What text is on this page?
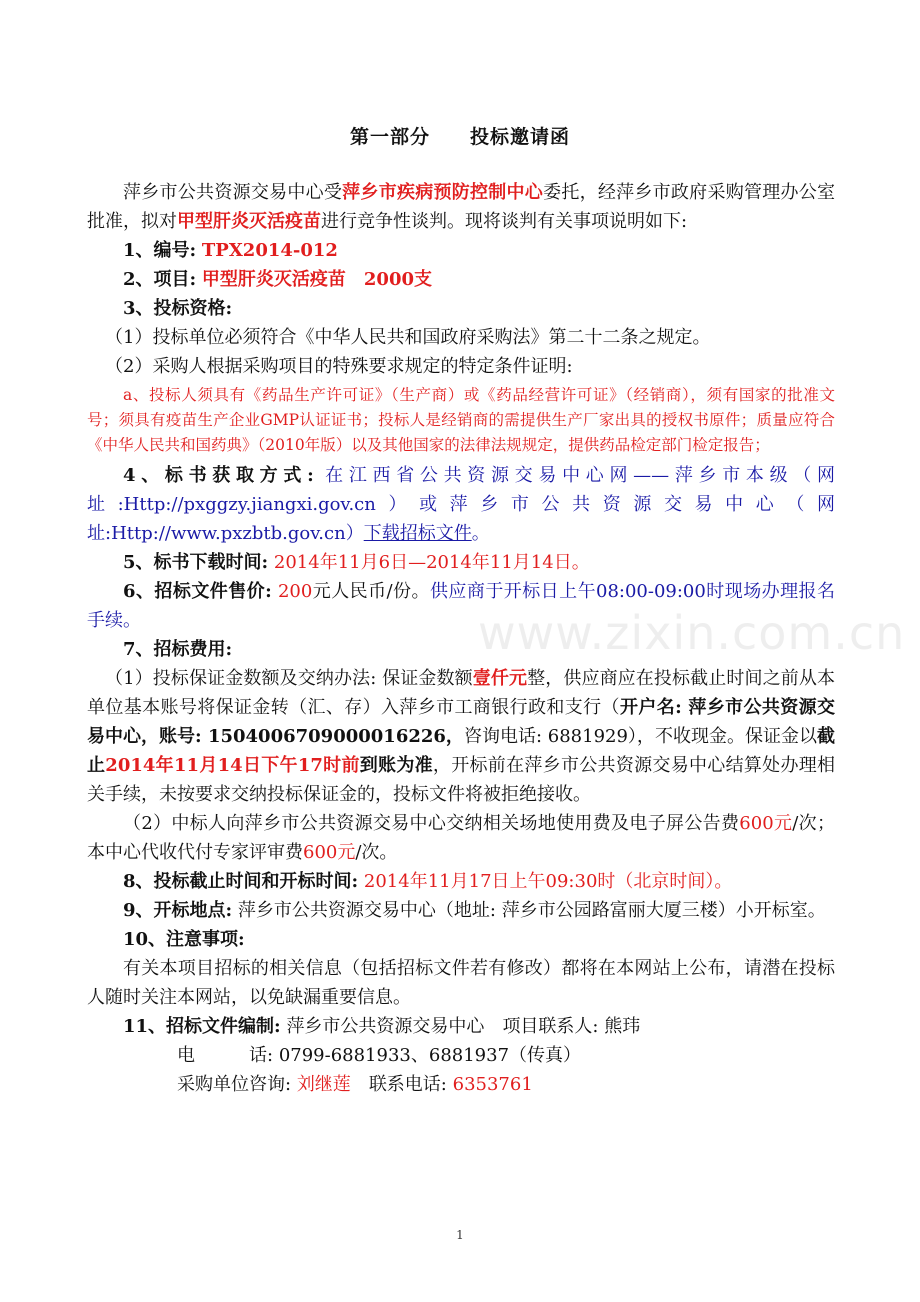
第一部分 投标邀请函

萍乡市公共资源交易中心受萍乡市疾病预防控制中心委托，经萍乡市政府采购管理办公室批准，拟对甲型肝炎灭活疫苗进行竞争性谈判。现将谈判有关事项说明如下:

1、编号: TPX2014-012

2、项目: 甲型肝炎灭活疫苗　2000支

3、投标资格:

（1）投标单位必须符合《中华人民共和国政府采购法》第二十二条之规定。

（2）采购人根据采购项目的特殊要求规定的特定条件证明:

a、投标人须具有《药品生产许可证》（生产商）或《药品经营许可证》（经销商），须有国家的批准文号；须具有疫苗生产企业GMP认证证书；投标人是经销商的需提供生产厂家出具的授权书原件；质量应符合《中华人民共和国药典》（2010年版）以及其他国家的法律法规规定，提供药品检定部门检定报告；

4、标书获取方式: 在江西省公共资源交易中心网——萍乡市本级（网址:Http://pxggzy.jiangxi.gov.cn）或萍乡市公共资源交易中心（网址:Http://www.pxzbtb.gov.cn）下载招标文件。

5、标书下载时间: 2014年11月6日—2014年11月14日。

6、招标文件售价: 200元人民币/份。供应商于开标日上午08:00-09:00时现场办理报名手续。

7、招标费用:

（1）投标保证金数额及交纳办法: 保证金数额壹仟元整，供应商应在投标截止时间之前从本单位基本账号将保证金转（汇、存）入萍乡市工商银行政和支行（开户名: 萍乡市公共资源交易中心，账号: 1504006709000016226，咨询电话: 6881929），不收现金。保证金以截止2014年11月14日下午17时前到账为准，开标前在萍乡市公共资源交易中心结算处办理相关手续，未按要求交纳投标保证金的，投标文件将被拒绝接收。

（2）中标人向萍乡市公共资源交易中心交纳相关场地使用费及电子屏公告费600元/次；本中心代收代付专家评审费600元/次。

8、投标截止时间和开标时间: 2014年11月17日上午09:30时（北京时间）。

9、开标地点: 萍乡市公共资源交易中心（地址: 萍乡市公园路富丽大厦三楼）小开标室。

10、注意事项:

有关本项目招标的相关信息（包括招标文件若有修改）都将在本网站上公布，请潜在投标人随时关注本网站，以免缺漏重要信息。

11、招标文件编制: 萍乡市公共资源交易中心　 项目联系人: 熊玮

电	话: 0799-6881933、6881937（传真）

采购单位咨询: 刘继莲　 联系电话: 6353761

www.zixin.com.cn
1
